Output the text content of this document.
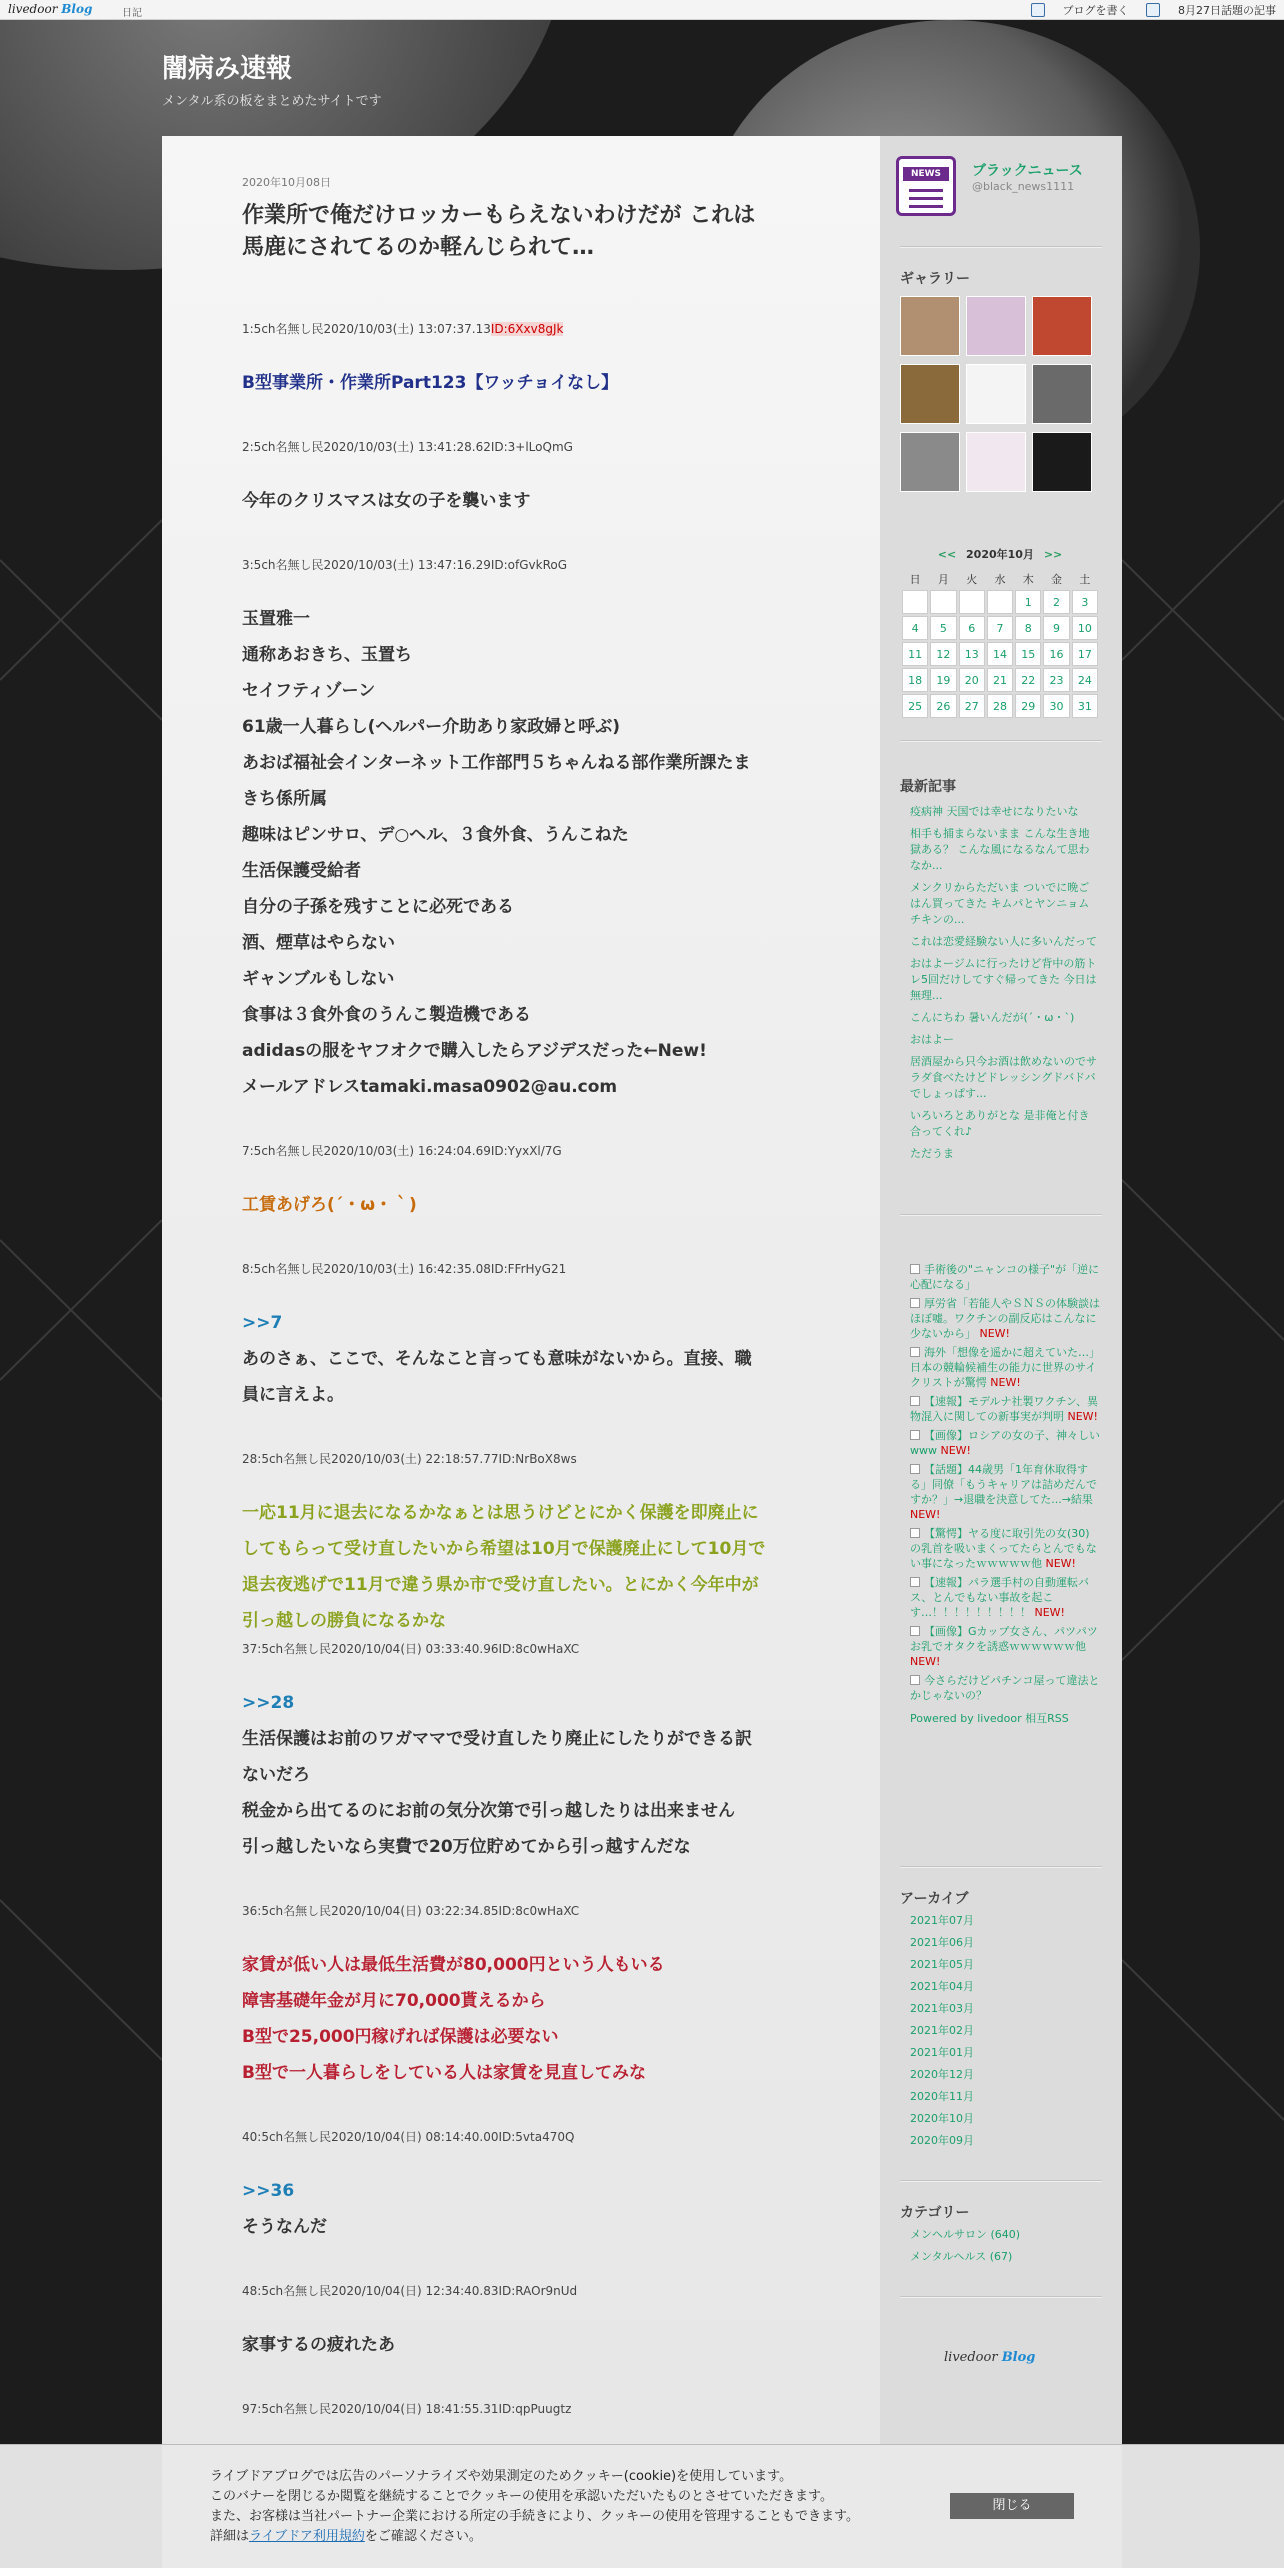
livedoor Blog	日記	ブログを書く	8月27日話題の記事
闇病み速報
メンタル系の板をまとめたサイトです
2020年10月08日
作業所で俺だけロッカーもらえないわけだが これは
馬鹿にされてるのか軽んじられて…
1:5ch名無し民2020/10/03(土) 13:07:37.13ID:6Xxv8gJk

B型事業所・作業所Part123【ワッチョイなし】

2:5ch名無し民2020/10/03(土) 13:41:28.62ID:3+lLoQmG

今年のクリスマスは女の子を襲います

3:5ch名無し民2020/10/03(土) 13:47:16.29ID:ofGvkRoG

玉置雅一

通称あおきち、玉置ち

セイフティゾーン

61歳一人暮らし(ヘルパー介助あり家政婦と呼ぶ)

あおば福祉会インターネット工作部門５ちゃんねる部作業所課たま

きち係所属

趣味はピンサロ、デ○ヘル、３食外食、うんこねた

生活保護受給者

自分の子孫を残すことに必死である

酒、煙草はやらない

ギャンブルもしない

食事は３食外食のうんこ製造機である

adidasの服をヤフオクで購入したらアジデスだった←New!

メールアドレスtamaki.masa0902@au.com

7:5ch名無し民2020/10/03(土) 16:24:04.69ID:YyxXl/7G

工賃あげろ(´・ω・｀)

8:5ch名無し民2020/10/03(土) 16:42:35.08ID:FFrHyG21

>>7

あのさぁ、ここで、そんなこと言っても意味がないから。直接、職

員に言えよ。

28:5ch名無し民2020/10/03(土) 22:18:57.77ID:NrBoX8ws

一応11月に退去になるかなぁとは思うけどとにかく保護を即廃止に

してもらって受け直したいから希望は10月で保護廃止にして10月で

退去夜逃げで11月で違う県か市で受け直したい。とにかく今年中が

引っ越しの勝負になるかな

37:5ch名無し民2020/10/04(日) 03:33:40.96ID:8c0wHaXC

>>28

生活保護はお前のワガママで受け直したり廃止にしたりができる訳

ないだろ

税金から出てるのにお前の気分次第で引っ越したりは出来ません

引っ越したいなら実費で20万位貯めてから引っ越すんだな

36:5ch名無し民2020/10/04(日) 03:22:34.85ID:8c0wHaXC

家賃が低い人は最低生活費が80,000円という人もいる

障害基礎年金が月に70,000貰えるから

B型で25,000円稼げれば保護は必要ない

B型で一人暮らしをしている人は家賃を見直してみな

40:5ch名無し民2020/10/04(日) 08:14:40.00ID:5vta470Q

>>36

そうなんだ

48:5ch名無し民2020/10/04(日) 12:34:40.83ID:RAOr9nUd

家事するの疲れたあ

97:5ch名無し民2020/10/04(日) 18:41:55.31ID:qpPuugtz
NEWS	ブラックニュース
@black_news1111
ギャラリー
<< 2020年10月 >>
日	月	火	水	木	金	土
				1	2	3
4	5	6	7	8	9	10
11	12	13	14	15	16	17
18	19	20	21	22	23	24
25	26	27	28	29	30	31
最新記事
疫病神 天国では幸せになりたいな
相手も捕まらないまま こんな生き地獄ある？ こんな風になるなんて思わなか...
メンクリからただいま ついでに晩ごはん買ってきた キムパとヤンニョムチキンの...
これは恋愛経験ない人に多いんだって
おはよージムに行ったけど背中の筋トレ5回だけしてすぐ帰ってきた 今日は無理...
こんにちわ 暑いんだが(´・ω・`)
おはよー
居酒屋から只今お酒は飲めないのでサラダ食べたけどドレッシングドバドバでしょっぱす...
いろいろとありがとな 是非俺と付き合ってくれ♪
ただうま
手術後の"ニャンコの様子"が「逆に心配になる」
厚労省「若能人やＳＮＳの体験談はほぼ嘘。ワクチンの副反応はこんなに少ないから」 NEW!
海外「想像を遥かに超えていた…」日本の競輪候補生の能力に世界のサイクリストが驚愕 NEW!
【速報】モデルナ社製ワクチン、異物混入に関しての新事実が判明 NEW!
【画像】ロシアの女の子、神々しいwww NEW!
【話題】44歳男「1年育休取得する」同僚「もうキャリアは詰めだんですか？」→退職を決意してた...→結果 NEW!
【驚愕】ヤる度に取引先の女(30)の乳首を吸いまくってたらとんでもない事になったｗｗｗｗｗ他 NEW!
【速報】パラ選手村の自動運転バス、とんでもない事故を起こす…！！！！！！！！！ NEW!
【画像】Gカップ女さん、パツパツお乳でオタクを誘惑ｗｗｗｗｗｗ他 NEW!
今さらだけどパチンコ屋って違法とかじゃないの？
Powered by livedoor 相互RSS
アーカイブ
2021年07月
2021年06月
2021年05月
2021年04月
2021年03月
2021年02月
2021年01月
2020年12月
2020年11月
2020年10月
2020年09月
カテゴリー
メンヘルサロン (640)
メンタルヘルス (67)
livedoor Blog
ライブドアブログでは広告のパーソナライズや効果測定のためクッキー(cookie)を使用しています。
このバナーを閉じるか閲覧を継続することでクッキーの使用を承認いただいたものとさせていただきます。
また、お客様は当社パートナー企業における所定の手続きにより、クッキーの使用を管理することもできます。
詳細はライブドア利用規約をご確認ください。
閉じる
